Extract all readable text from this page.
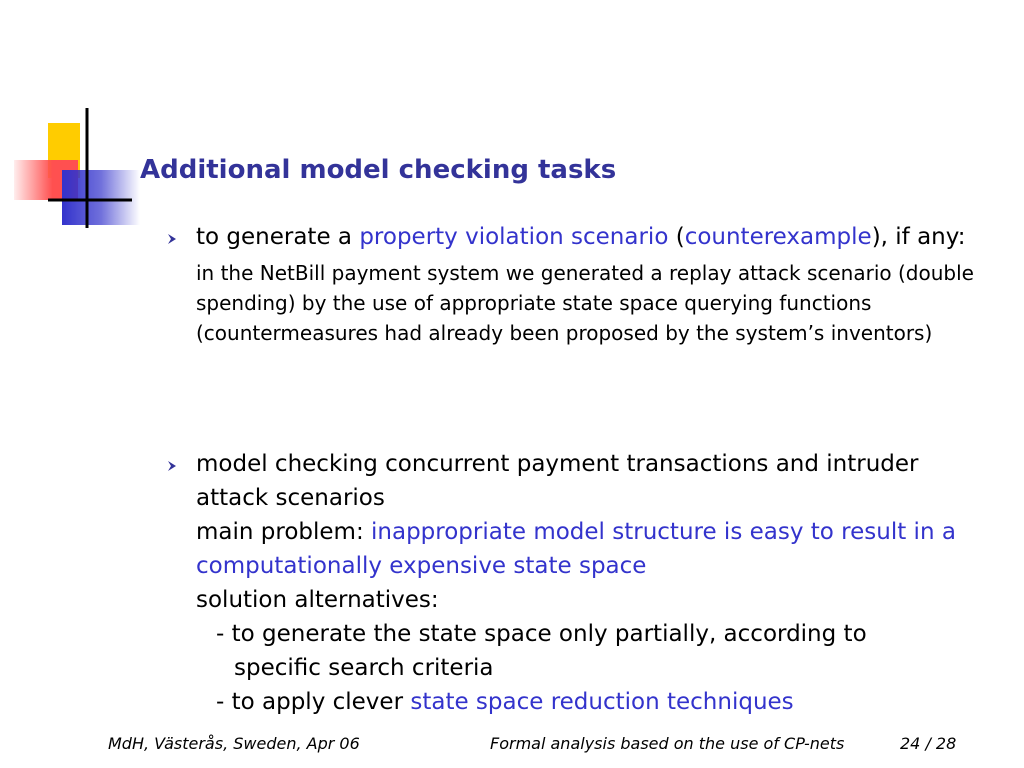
Additional model checking tasks
to generate a property violation scenario (counterexample), if any:
in the NetBill payment system we generated a replay attack scenario (double spending) by the use of appropriate state space querying functions (countermeasures had already been proposed by the system’s inventors)
model checking concurrent payment transactions and intruder attack scenarios
main problem: inappropriate model structure is easy to result in a computationally expensive state space
solution alternatives:
- to generate the state space only partially, according to
specific search criteria
- to apply clever state space reduction techniques
MdH, Västerås, Sweden, Apr 06	Formal analysis based on the use of CP-nets	24 / 28
